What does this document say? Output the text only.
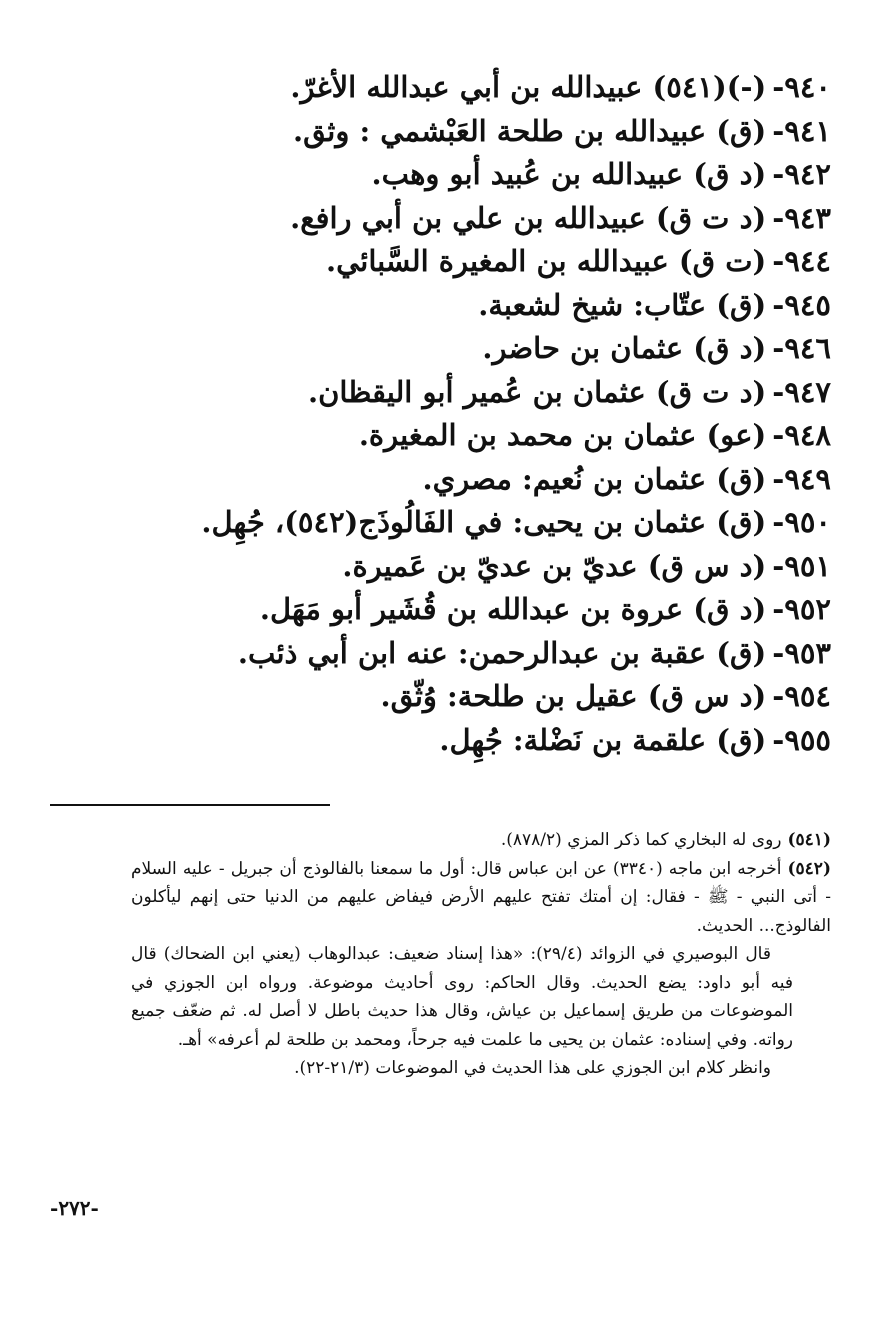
٩٤٠-(-)(٥٤١) عبيدالله بن أبي عبدالله الأغرّ.
٩٤١-(ق) عبيدالله بن طلحة العَبْشمي : وثق.
٩٤٢-(د ق) عبيدالله بن عُبيد أبو وهب.
٩٤٣-(د ت ق) عبيدالله بن علي بن أبي رافع.
٩٤٤-(ت ق) عبيدالله بن المغيرة السَّبائي.
٩٤٥-(ق) عتّاب: شيخ لشعبة.
٩٤٦-(د ق) عثمان بن حاضر.
٩٤٧-(د ت ق) عثمان بن عُمير أبو اليقظان.
٩٤٨-(عو) عثمان بن محمد بن المغيرة.
٩٤٩-(ق) عثمان بن نُعيم: مصري.
٩٥٠-(ق) عثمان بن يحيى: في الفَالُوذَج(٥٤٢)، جُهِل.
٩٥١-(د س ق) عديّ بن عديّ بن عَميرة.
٩٥٢-(د ق) عروة بن عبدالله بن قُشَير أبو مَهَل.
٩٥٣-(ق) عقبة بن عبدالرحمن: عنه ابن أبي ذئب.
٩٥٤-(د س ق) عقيل بن طلحة: وُثّق.
٩٥٥-(ق) علقمة بن نَضْلة: جُهِل.

(٥٤١)روى له البخاري كما ذكر المزي (٨٧٨/٢).

(٥٤٢)أخرجه ابن ماجه (٣٣٤٠) عن ابن عباس قال: أول ما سمعنا بالفالوذج أن جبريل - عليه السلام - أتى النبي - ﷺ - فقال: إن أمتك تفتح عليهم الأرض فيفاض عليهم من الدنيا حتى إنهم ليأكلون الفالوذج... الحديث.

قال البوصيري في الزوائد (٢٩/٤): «هذا إسناد ضعيف: عبدالوهاب (يعني ابن الضحاك) قال فيه أبو داود: يضع الحديث. وقال الحاكم: روى أحاديث موضوعة. ورواه ابن الجوزي في الموضوعات من طريق إسماعيل بن عياش، وقال هذا حديث باطل لا أصل له. ثم ضعّف جميع رواته. وفي إسناده: عثمان بن يحيى ما علمت فيه جرحاً، ومحمد بن طلحة لم أعرفه» أهـ.

وانظر كلام ابن الجوزي على هذا الحديث في الموضوعات (٢١/٣-٢٢).

-٢٧٢-
